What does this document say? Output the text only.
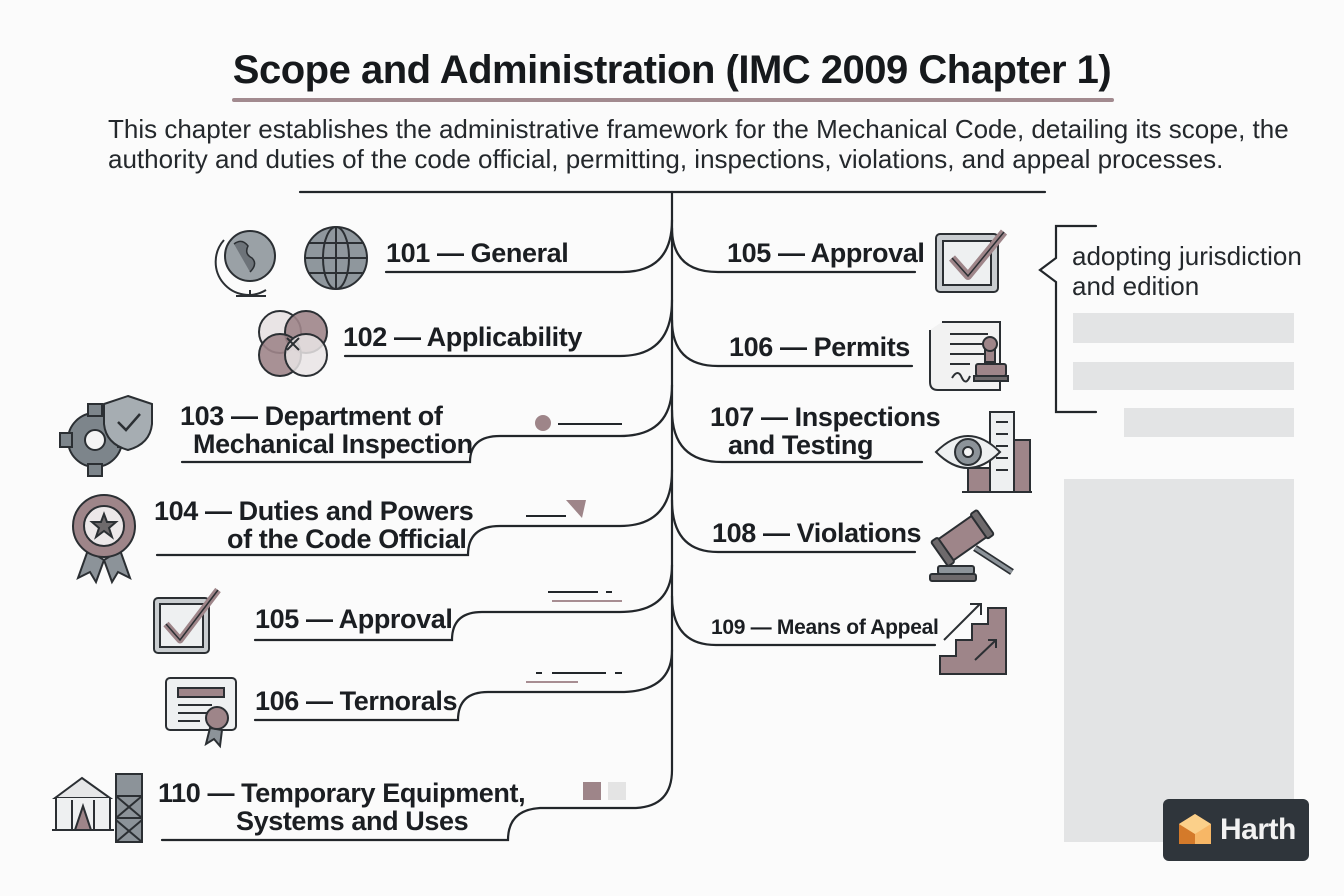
Scope and Administration (IMC 2009 Chapter 1)
This chapter establishes the administrative framework for the Mechanical Code, detailing its scope, the
authority and duties of the code official, permitting, inspections, violations, and appeal processes.
101 — General
102 — Applicability
103 — Department of
Mechanical Inspection
104 — Duties and Powers
of the Code Official
105 — Approval
106 — Ternorals
110 — Temporary Equipment,
Systems and Uses
105 — Approval
106 — Permits
107 — Inspections
and Testing
108 — Violations
109 — Means of Appeal
adopting jurisdiction
and edition
Harth
